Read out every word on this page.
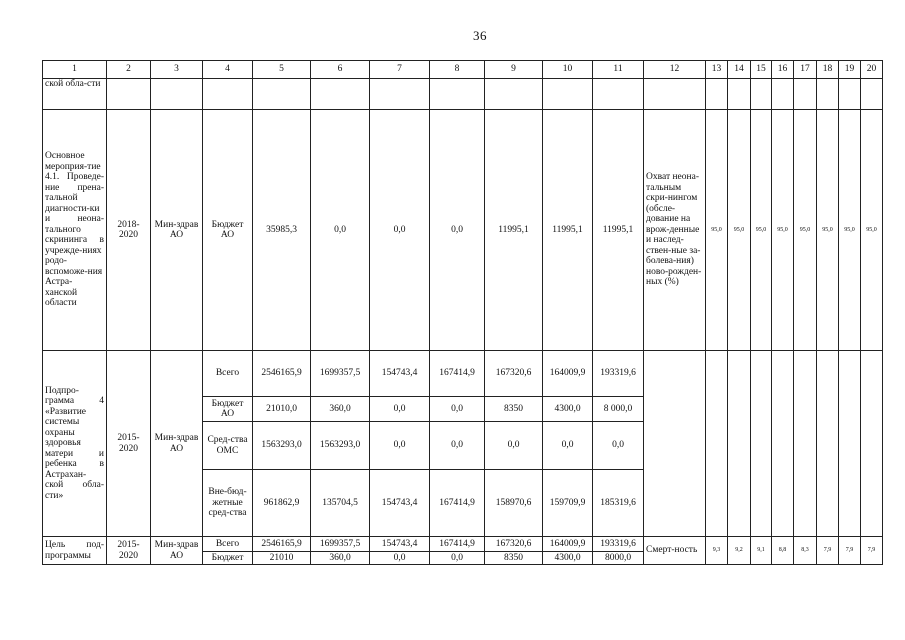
36
1	2	3	4	5	6	7	8	9	10	11	12	13	14	15	16	17	18	19	20
ской обла-сти																			
Основное мероприя-тие 4.1. Проведе-ние прена-тальной диагности-ки и неона-тального скрининга в учрежде-ниях родо-вспоможе-ния Астра-ханской области	2018-2020	Мин-здрав АО	Бюджет АО	35985,3	0,0	0,0	0,0	11995,1	11995,1	11995,1	Охват неона-тальным скри-нингом (обсле-дование на врож-денные и наслед-ствен-ные за-болева-ния) ново-рожден-ных (%)	95,0	95,0	95,0	95,0	95,0	95,0	95,0	95,0
Подпро-грамма 4 «Развитие системы охраны здоровья матери и ребенка в Астрахан-ской обла-сти»	2015-2020	Мин-здрав АО	Всего	2546165,9	1699357,5	154743,4	167414,9	167320,6	164009,9	193319,6									
			Бюджет АО	21010,0	360,0	0,0	0,0	8350	4300,0	8 000,0									
			Сред-ства ОМС	1563293,0	1563293,0	0,0	0,0	0,0	0,0	0,0									
			Вне-бюд-жетные сред-ства	961862,9	135704,5	154743,4	167414,9	158970,6	159709,9	185319,6									
Цель под-программы	2015-2020	Мин-здрав АО	Всего	2546165,9	1699357,5	154743,4	167414,9	167320,6	164009,9	193319,6	Смерт-ность	9,3	9,2	9,1	8,8	8,3	7,9	7,9	7,9
			Бюджет	21010	360,0	0,0	0,0	8350	4300,0	8000,0									
